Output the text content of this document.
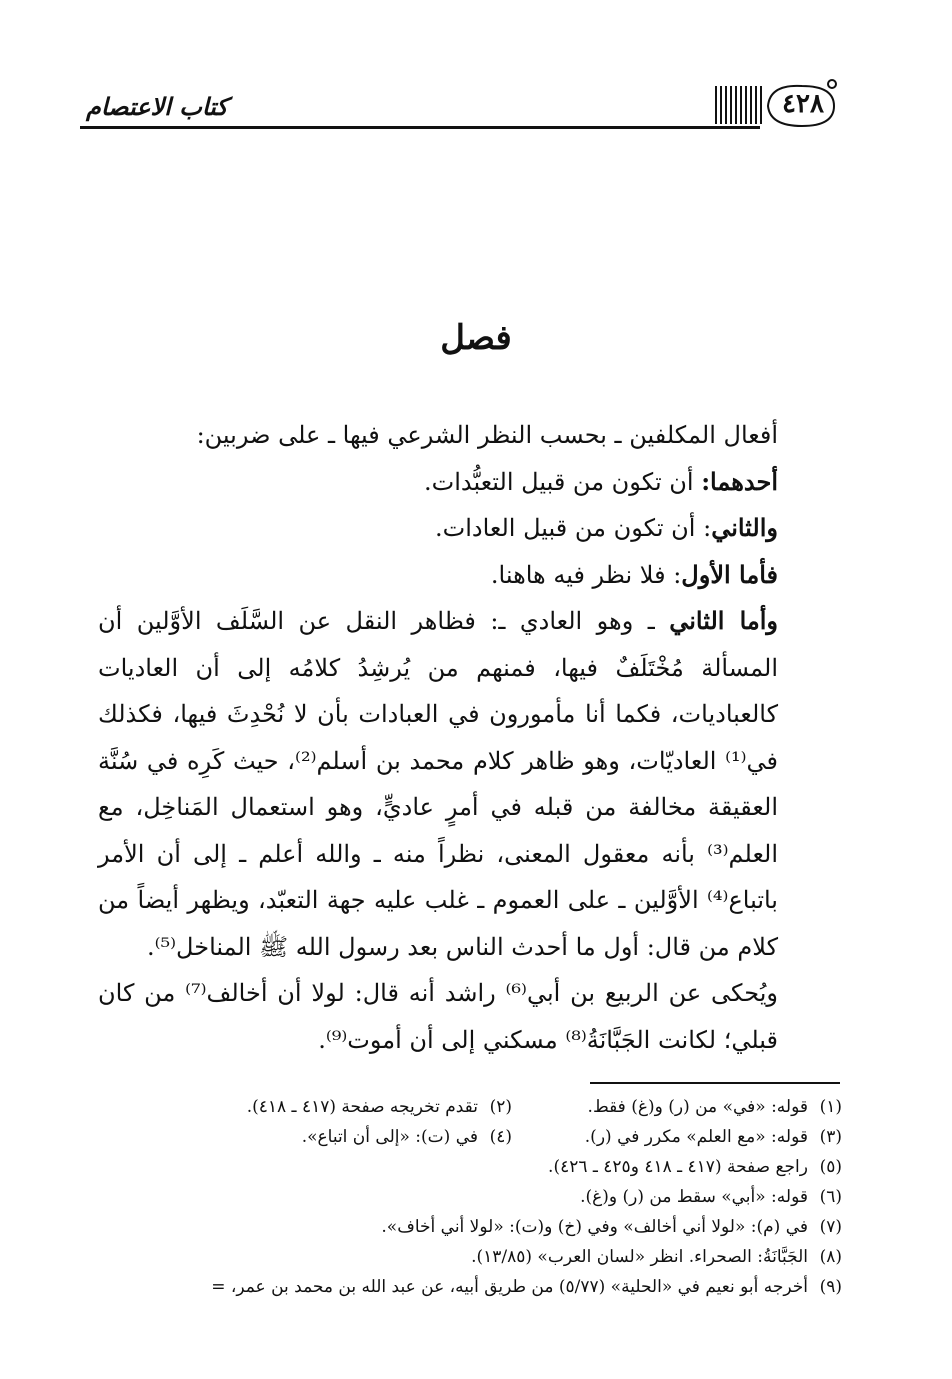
كتاب الاعتصام	٤٢٨
فصل

أفعال المكلفين ـ بحسب النظر الشرعي فيها ـ على ضربين:

أحدهما: أن تكون من قبيل التعبُّدات.

والثاني: أن تكون من قبيل العادات.

فأما الأول: فلا نظر فيه هاهنا.

وأما الثاني ـ وهو العادي ـ: فظاهر النقل عن السَّلَف الأوَّلين أن المسألة مُخْتَلَفٌ فيها، فمنهم من يُرشِدُ كلامُه إلى أن العاديات كالعباديات، فكما أنا مأمورون في العبادات بأن لا نُحْدِثَ فيها، فكذلك في⁽¹⁾ العاديّات، وهو ظاهر كلام محمد بن أسلم⁽²⁾، حيث كَرِه في سُنَّة العقيقة مخالفة من قبله في أمرٍ عاديٍّ، وهو استعمال المَناخِل، مع العلم⁽³⁾ بأنه معقول المعنى، نظراً منه ـ والله أعلم ـ إلى أن الأمر باتباع⁽⁴⁾ الأوَّلين ـ على العموم ـ غلب عليه جهة التعبّد، ويظهر أيضاً من كلام من قال: أول ما أحدث الناس بعد رسول الله ﷺ المناخل⁽⁵⁾.

ويُحكى عن الربيع بن أبي⁽⁶⁾ راشد أنه قال: لولا أن أخالف⁽⁷⁾ من كان قبلي؛ لكانت الجَبَّانَةُ⁽⁸⁾ مسكني إلى أن أموت⁽⁹⁾.

(١)قوله: «في» من (ر) و(غ) فقط.
(٢)تقدم تخريجه صفحة (٤١٧ ـ ٤١٨).
(٣)قوله: «مع العلم» مكرر في (ر).
(٤)في (ت): «إلى أن اتباع».
(٥)راجع صفحة (٤١٧ ـ ٤١٨ و٤٢٥ ـ ٤٢٦).
(٦)قوله: «أبي» سقط من (ر) و(غ).
(٧)في (م): «لولا أني أخالف» وفي (خ) و(ت): «لولا أني أخاف».
(٨)الجَبَّانَةُ: الصحراء. انظر «لسان العرب» (١٣/٨٥).
(٩)أخرجه أبو نعيم في «الحلية» (٥/٧٧) من طريق أبيه، عن عبد الله بن محمد بن عمر، =
